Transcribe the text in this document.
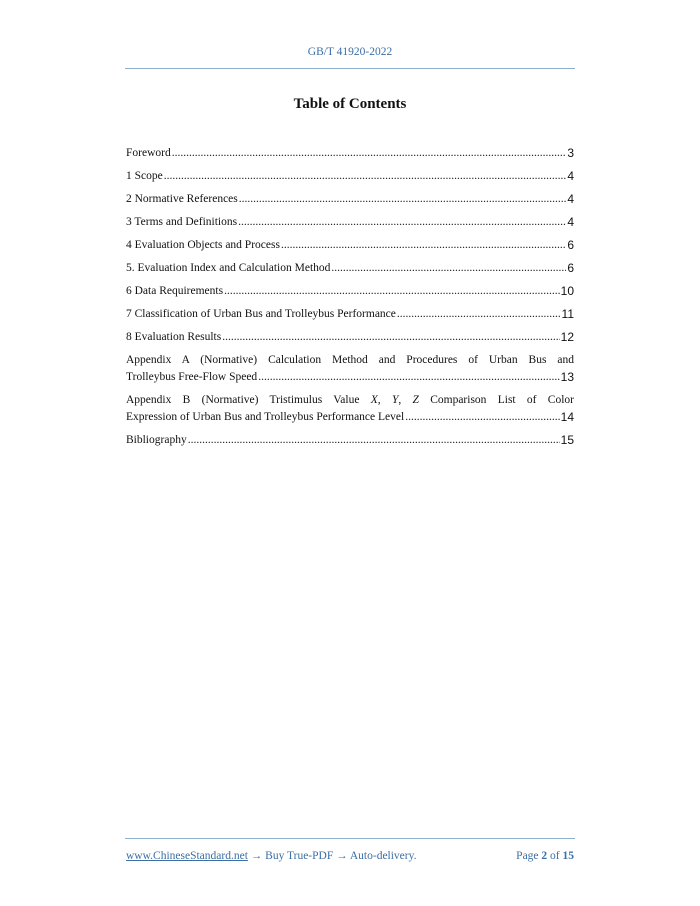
GB/T 41920-2022
Table of Contents
Foreword .....	3
1 Scope .....	4
2 Normative References .....	4
3 Terms and Definitions .....	4
4 Evaluation Objects and Process .....	6
5. Evaluation Index and Calculation Method .....	6
6 Data Requirements .....	10
7 Classification of Urban Bus and Trolleybus Performance .....	11
8 Evaluation Results .....	12
Appendix A (Normative) Calculation Method and Procedures of Urban Bus and
Trolleybus Free-Flow Speed .....	13
Appendix B (Normative) Tristimulus Value X, Y, Z Comparison List of Color
Expression of Urban Bus and Trolleybus Performance Level .....	14
Bibliography .....	15
www.ChineseStandard.net → Buy True-PDF → Auto-delivery.	Page 2 of 15
